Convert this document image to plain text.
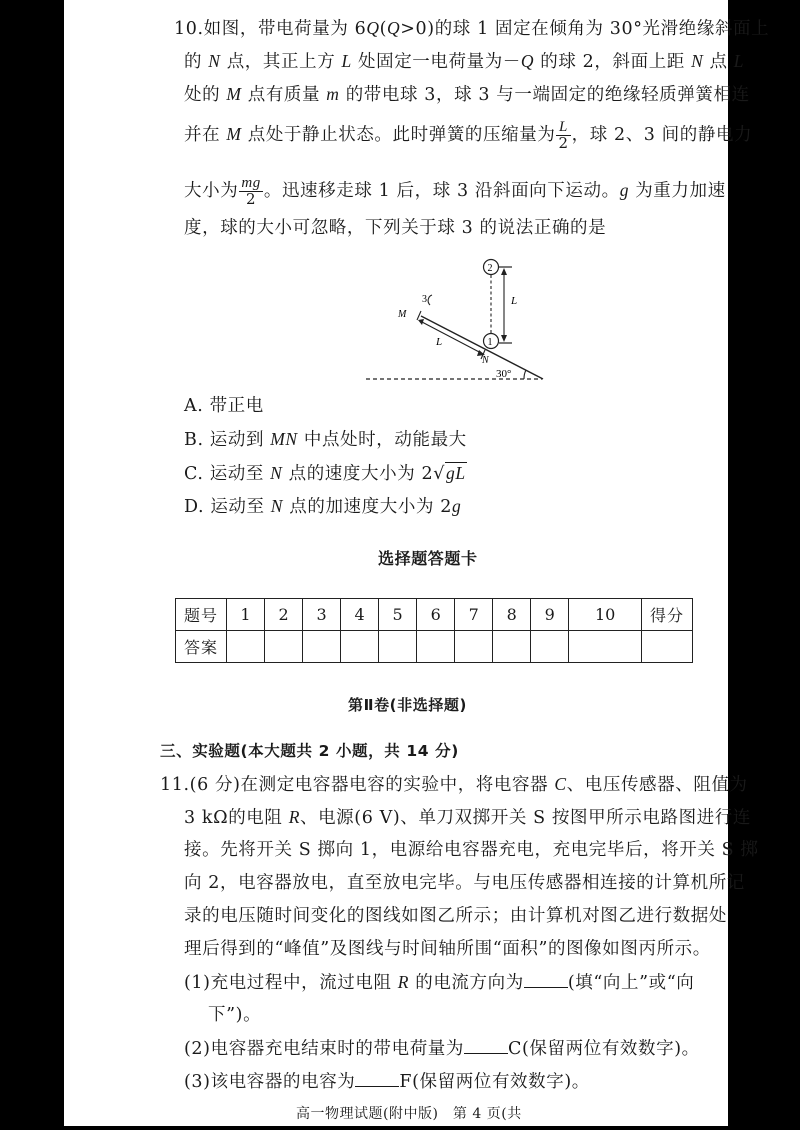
10.如图，带电荷量为 6Q(Q>0)的球 1 固定在倾角为 30°光滑绝缘斜面上
的 N 点，其正上方 L 处固定一电荷量为－Q 的球 2，斜面上距 N 点 L
处的 M 点有质量 m 的带电球 3，球 3 与一端固定的绝缘轻质弹簧相连
并在 M 点处于静止状态。此时弹簧的压缩量为 $\frac{L}{2}$ ，球 2、3 间的静电力
大小为 $\frac{mg}{2}$ 。迅速移走球 1 后，球 3 沿斜面向下运动。g 为重力加速
度，球的大小可忽略，下列关于球 3 的说法正确的是
30°
2
1
L
3
M
N
L
A. 带正电
B. 运动到 MN 中点处时，动能最大
C. 运动至 N 点的速度大小为 2√gL
D. 运动至 N 点的加速度大小为 2g
选择题答题卡
题号	1	2	3	4	5	6	7	8	9	10	得分
答案											
第Ⅱ卷(非选择题)
三、实验题(本大题共 2 小题，共 14 分)
11.(6 分)在测定电容器电容的实验中，将电容器 C、电压传感器、阻值为
3 kΩ的电阻 R、电源(6 V)、单刀双掷开关 S 按图甲所示电路图进行连
接。先将开关 S 掷向 1，电源给电容器充电，充电完毕后，将开关 S 掷
向 2，电容器放电，直至放电完毕。与电压传感器相连接的计算机所记
录的电压随时间变化的图线如图乙所示；由计算机对图乙进行数据处
理后得到的“峰值”及图线与时间轴所围“面积”的图像如图丙所示。
(1)充电过程中，流过电阻 R 的电流方向为	(填“向上”或“向
下”)。
(2)电容器充电结束时的带电荷量为	C(保留两位有效数字)。
(3)该电容器的电容为	F(保留两位有效数字)。
高一物理试题(附中版)　第 4 页(共
